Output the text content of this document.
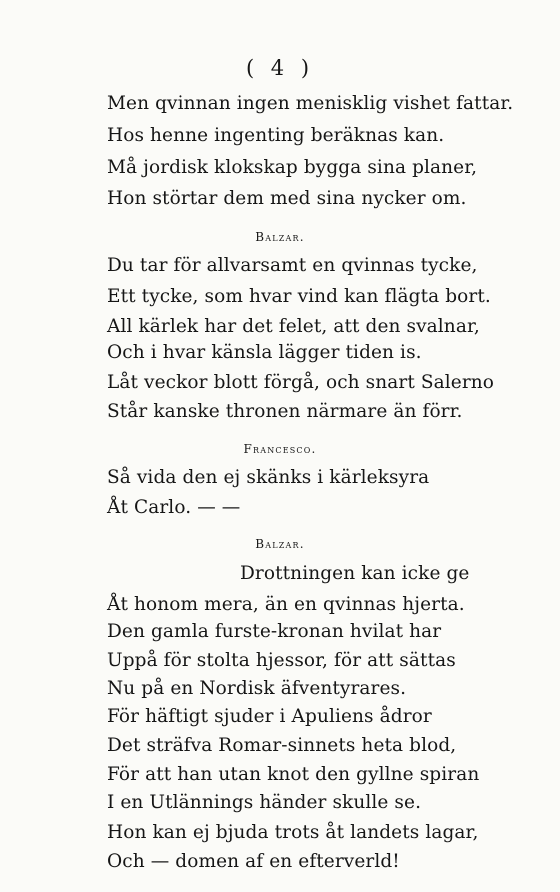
( 4 )
Men qvinnan ingen menisklig vishet fattar.
Hos henne ingenting beräknas kan.
Må jordisk klokskap bygga sina planer,
Hon störtar dem med sina nycker om.
Balzar.
Du tar för allvarsamt en qvinnas tycke,
Ett tycke, som hvar vind kan flägta bort.
All kärlek har det felet, att den svalnar,
Och i hvar känsla lägger tiden is.
Låt veckor blott förgå, och snart Salerno
Står kanske thronen närmare än förr.
Francesco.
Så vida den ej skänks i kärleksyra
Åt Carlo. — —
Balzar.
Drottningen kan icke ge
Åt honom mera, än en qvinnas hjerta.
Den gamla furste-kronan hvilat har
Uppå för stolta hjessor, för att sättas
Nu på en Nordisk äfventyrares.
För häftigt sjuder i Apuliens ådror
Det sträfva Romar-sinnets heta blod,
För att han utan knot den gyllne spiran
I en Utlännings händer skulle se.
Hon kan ej bjuda trots åt landets lagar,
Och — domen af en efterverld!
